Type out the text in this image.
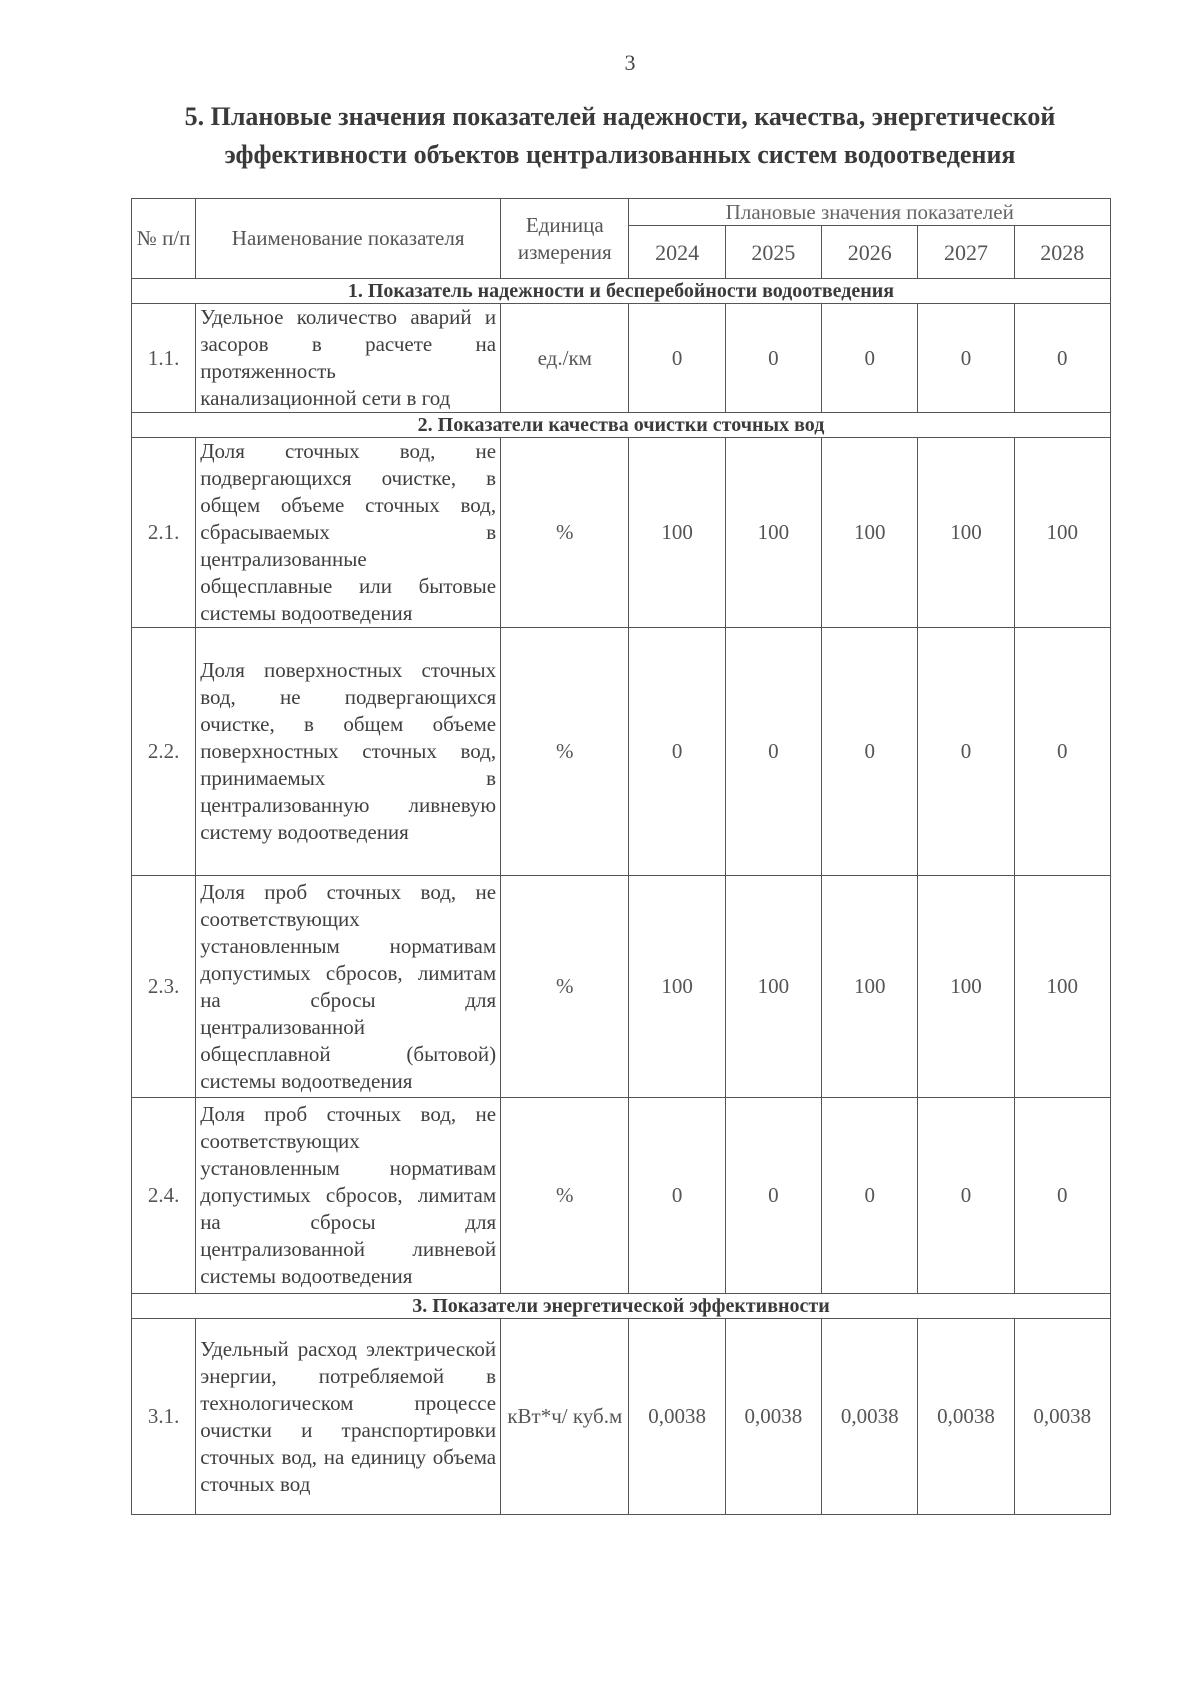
3
5. Плановые значения показателей надежности, качества, энергетической эффективности объектов централизованных систем водоотведения
№ п/п	Наименование показателя	Единица измерения	Плановые значения показателей				
			2024	2025	2026	2027	2028
1. Показатель надежности и бесперебойности водоотведения							
1.1.	Удельное количество аварий и засоров в расчете на протяженность канализационной сети в год	ед./км	0	0	0	0	0
2. Показатели качества очистки сточных вод							
2.1.	Доля сточных вод, не подвергающихся очистке, в общем объеме сточных вод, сбрасываемых в централизованные общесплавные или бытовые системы водоотведения	%	100	100	100	100	100
2.2.	Доля поверхностных сточных вод, не подвергающихся очистке, в общем объеме поверхностных сточных вод, принимаемых в централизованную ливневую систему водоотведения	%	0	0	0	0	0
2.3.	Доля проб сточных вод, не соответствующих установленным нормативам допустимых сбросов, лимитам на сбросы для централизованной общесплавной (бытовой) системы водоотведения	%	100	100	100	100	100
2.4.	Доля проб сточных вод, не соответствующих установленным нормативам допустимых сбросов, лимитам на сбросы для централизованной ливневой системы водоотведения	%	0	0	0	0	0
3. Показатели энергетической эффективности							
3.1.	Удельный расход электрической энергии, потребляемой в технологическом процессе очистки и транспортировки сточных вод, на единицу объема сточных вод	кВт*ч/ куб.м	0,0038	0,0038	0,0038	0,0038	0,0038
